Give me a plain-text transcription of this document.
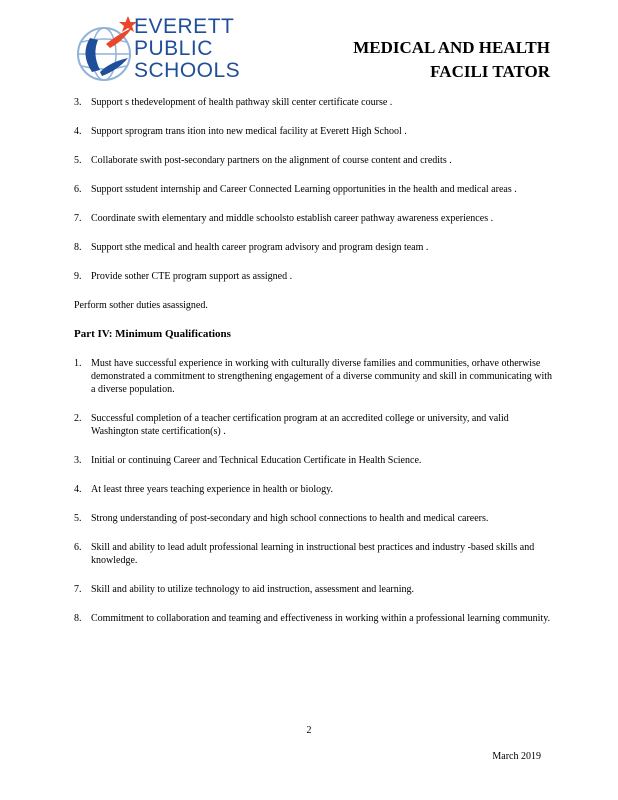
EVERETT
PUBLIC
SCHOOLS
MEDICAL AND HEALTH
FACILI TATOR
3. Support s thedevelopment of health pathway skill center certificate course .
4. Support sprogram trans ition into new medical facility at Everett High School .
5. Collaborate swith post-secondary partners on the alignment of course content and credits .
6. Support sstudent internship and Career Connected Learning opportunities in the health and medical areas .
7. Coordinate swith elementary and middle schoolsto establish career pathway awareness experiences .
8. Support sthe medical and health career program advisory and program design team .
9. Provide sother CTE program support as assigned .

Perform sother duties asassigned.

Part IV: Minimum Qualifications

1. Must have successful experience in working with culturally diverse families and communities, orhave otherwise demonstrated a commitment to strengthening engagement of a diverse community and skill in communicating with a diverse population.
2. Successful completion of a teacher certification program at an accredited college or university, and valid Washington state certification(s) .
3. Initial or continuing Career and Technical Education Certificate in Health Science.
4. At least three years teaching experience in health or biology.
5. Strong understanding of post-secondary and high school connections to health and medical careers.
6. Skill and ability to lead adult professional learning in instructional best practices and industry -based skills and knowledge.
7. Skill and ability to utilize technology to aid instruction, assessment and learning.
8. Commitment to collaboration and teaming and effectiveness in working within a professional learning community.
2
March 2019
